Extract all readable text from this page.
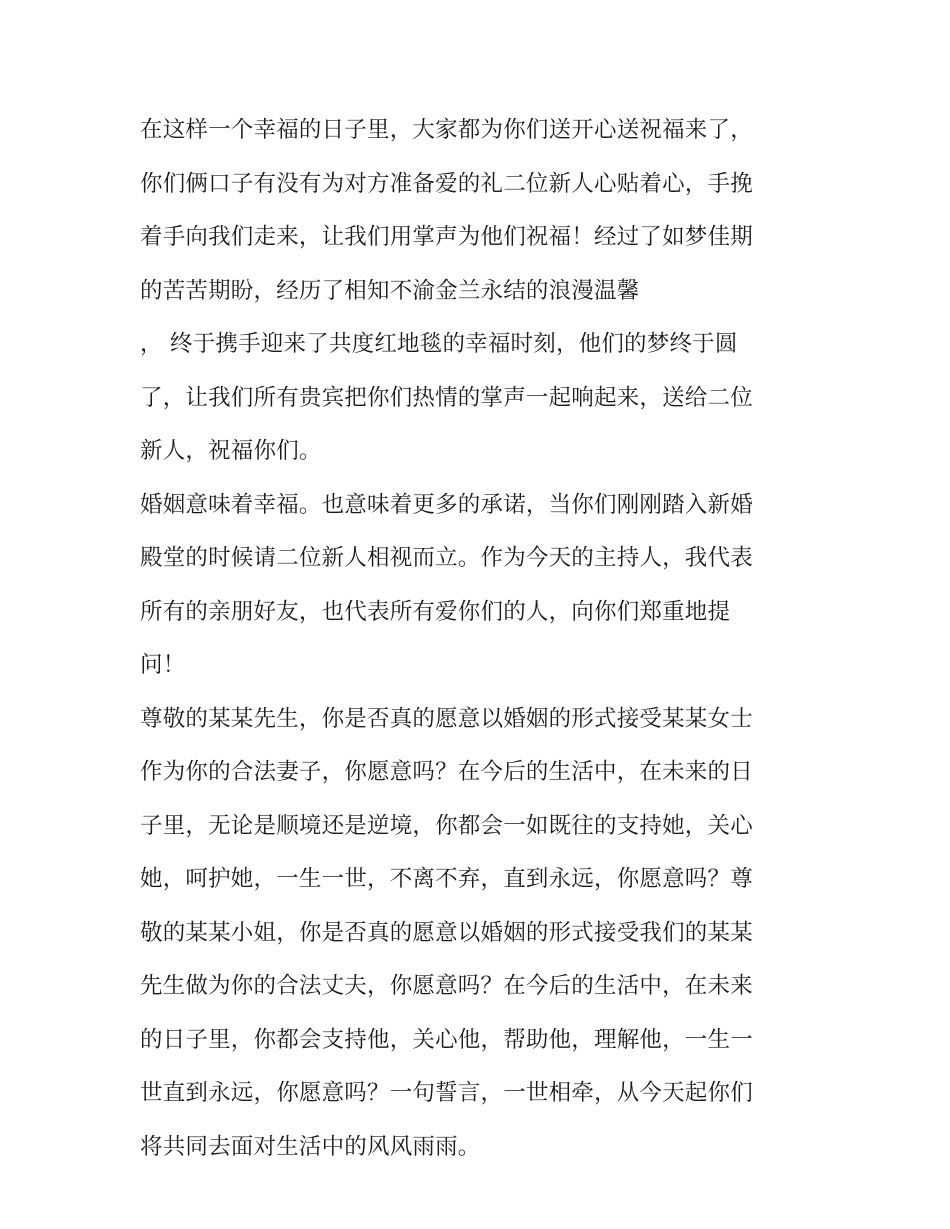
在这样一个幸福的日子里，大家都为你们送开心送祝福来了，
你们俩口子有没有为对方准备爱的礼二位新人心贴着心，手挽
着手向我们走来，让我们用掌声为他们祝福！经过了如梦佳期
的苦苦期盼，经历了相知不渝金兰永结的浪漫温馨
， 终于携手迎来了共度红地毯的幸福时刻，他们的梦终于圆
了，让我们所有贵宾把你们热情的掌声一起响起来，送给二位
新人，祝福你们。
婚姻意味着幸福。也意味着更多的承诺，当你们刚刚踏入新婚
殿堂的时候请二位新人相视而立。作为今天的主持人，我代表
所有的亲朋好友，也代表所有爱你们的人，向你们郑重地提
问！
尊敬的某某先生，你是否真的愿意以婚姻的形式接受某某女士
作为你的合法妻子，你愿意吗？在今后的生活中，在未来的日
子里，无论是顺境还是逆境，你都会一如既往的支持她，关心
她，呵护她，一生一世，不离不弃，直到永远，你愿意吗？尊
敬的某某小姐，你是否真的愿意以婚姻的形式接受我们的某某
先生做为你的合法丈夫，你愿意吗？在今后的生活中，在未来
的日子里，你都会支持他，关心他，帮助他，理解他，一生一
世直到永远，你愿意吗？一句誓言，一世相牵，从今天起你们
将共同去面对生活中的风风雨雨。
